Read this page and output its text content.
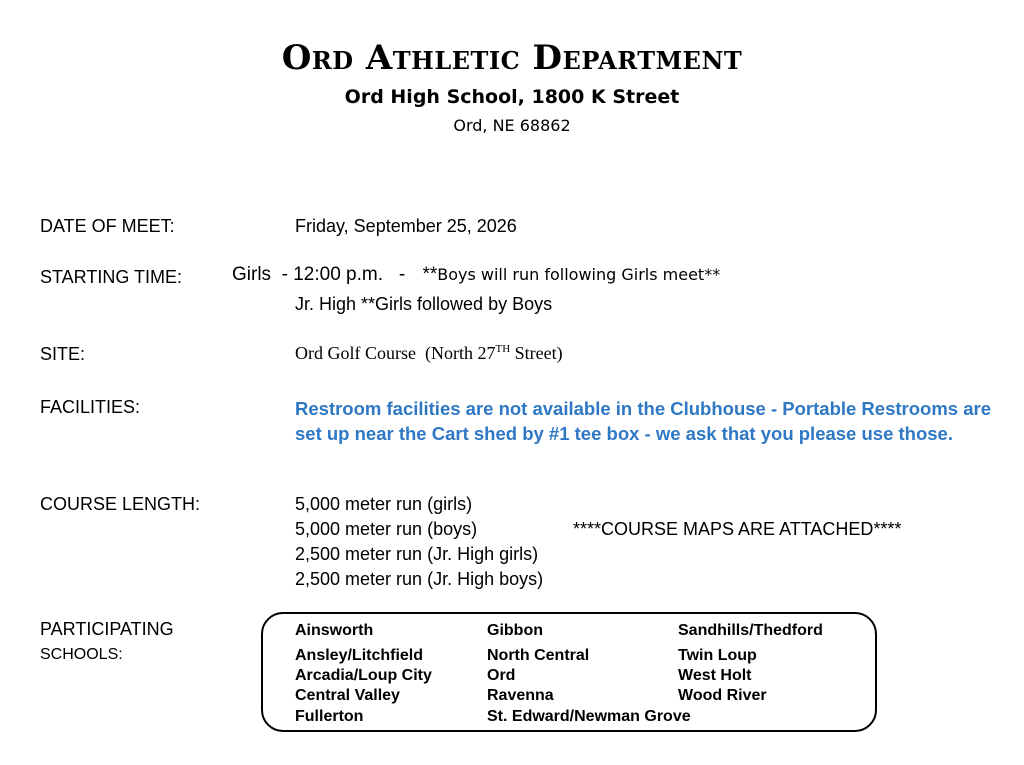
Ord Athletic Department
Ord High School, 1800 K Street
Ord, NE 68862
DATE OF MEET:	Friday, September 25, 2026
STARTING TIME:	Girls  - 12:00 p.m.   - **Boys will run following Girls meet**
Jr. High **Girls followed by Boys
SITE:	Ord Golf Course  (North 27TH Street)
FACILITIES:	Restroom facilities are not available in the Clubhouse - Portable Restrooms are set up near the Cart shed by #1 tee box - we ask that you please use those.
COURSE LENGTH:	5,000 meter run (girls)
5,000 meter run (boys)
2,500 meter run (Jr. High girls)
2,500 meter run (Jr. High boys)
****COURSE MAPS ARE ATTACHED****
PARTICIPATING
SCHOOLS:
Ainsworth	Gibbon	Sandhills/Thedford
Ansley/Litchfield	North Central	Twin Loup
Arcadia/Loup City	Ord	West Holt
Central Valley	Ravenna	Wood River
Fullerton	St. Edward/Newman Grove
